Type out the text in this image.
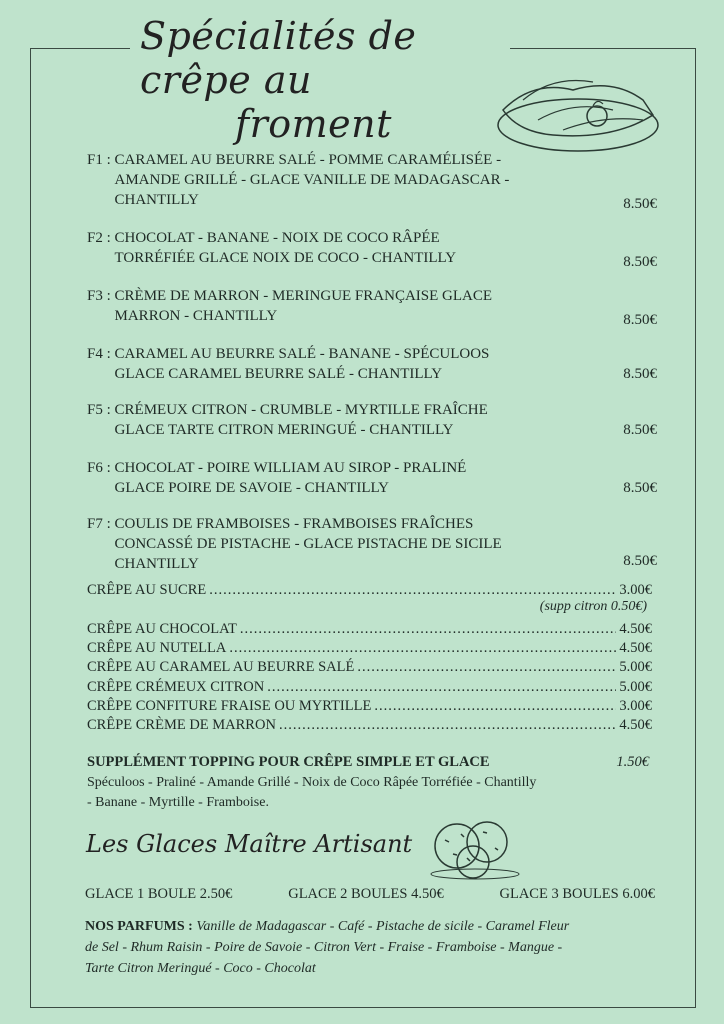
Spécialités de crêpe au
froment
F1 : CARAMEL AU BEURRE SALÉ - POMME CARAMÉLISÉE - AMANDE GRILLÉ - GLACE VANILLE DE MADAGASCAR - CHANTILLY	8.50€
F2 : CHOCOLAT - BANANE - NOIX DE COCO RÂPÉE TORRÉFIÉE GLACE NOIX DE COCO - CHANTILLY	8.50€
F3 : CRÈME DE MARRON - MERINGUE FRANÇAISE GLACE MARRON - CHANTILLY	8.50€
F4 : CARAMEL AU BEURRE SALÉ - BANANE - SPÉCULOOS GLACE CARAMEL BEURRE SALÉ - CHANTILLY	8.50€
F5 : CRÉMEUX CITRON - CRUMBLE - MYRTILLE FRAÎCHE GLACE TARTE CITRON MERINGUÉ - CHANTILLY	8.50€
F6 : CHOCOLAT - POIRE WILLIAM AU SIROP - PRALINÉ GLACE POIRE DE SAVOIE - CHANTILLY	8.50€
F7 : COULIS DE FRAMBOISES - FRAMBOISES FRAÎCHES CONCASSÉ DE PISTACHE - GLACE PISTACHE DE SICILE CHANTILLY	8.50€
CRÊPE AU SUCRE .....	3.00€
(supp citron 0.50€)
CRÊPE AU CHOCOLAT .....	4.50€
CRÊPE AU NUTELLA .....	4.50€
CRÊPE AU CARAMEL AU BEURRE SALÉ .....	5.00€
CRÊPE CRÉMEUX CITRON .....	5.00€
CRÊPE CONFITURE FRAISE OU MYRTILLE .....	3.00€
CRÊPE CRÈME DE MARRON .....	4.50€
SUPPLÉMENT TOPPING POUR CRÊPE SIMPLE ET GLACE	1.50€
Spéculoos - Praliné - Amande Grillé - Noix de Coco Râpée Torréfiée - Chantilly - Banane - Myrtille - Framboise.
Les Glaces Maître Artisant
GLACE 1 BOULE 2.50€	GLACE 2 BOULES 4.50€	GLACE 3 BOULES 6.00€
NOS PARFUMS : Vanille de Madagascar - Café - Pistache de sicile - Caramel Fleur de Sel - Rhum Raisin - Poire de Savoie - Citron Vert - Fraise - Framboise - Mangue - Tarte Citron Meringué - Coco - Chocolat
